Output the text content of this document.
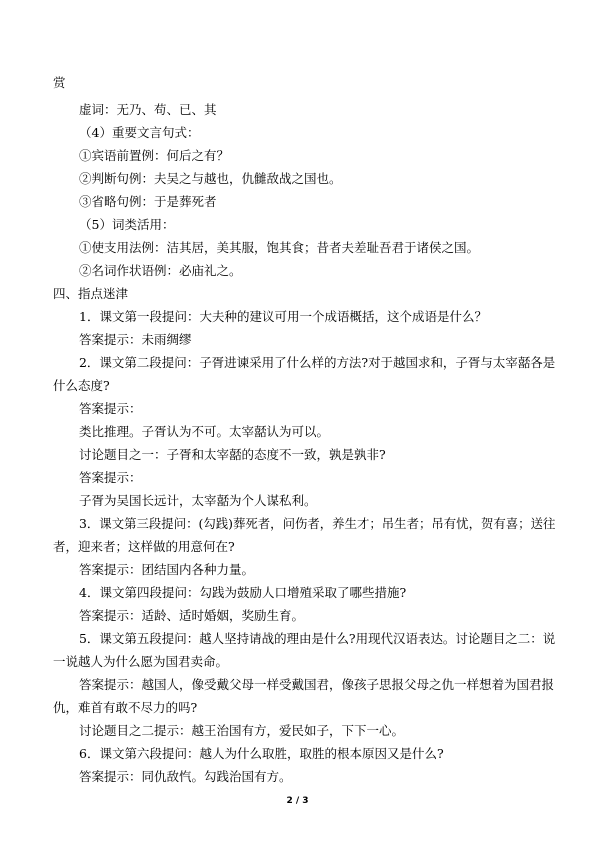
赏
虚词：无乃、苟、已、其
（4）重要文言句式：
①宾语前置例：何后之有？
②判断句例：夫吴之与越也，仇雠敌战之国也。
③省略句例：于是葬死者
（5）词类活用：
①使支用法例：洁其居，美其服，饱其食；昔者夫差耻吾君于诸侯之国。
②名词作状语例：必庙礼之。
四、指点迷津
1．课文第一段提问：大夫种的建议可用一个成语概括，这个成语是什么？
答案提示：未雨绸缪
2．课文第二段提问：子胥进谏采用了什么样的方法?对于越国求和，子胥与太宰嚭各是
什么态度?
答案提示：
类比推理。子胥认为不可。太宰嚭认为可以。
讨论题目之一：子胥和太宰嚭的态度不一致，孰是孰非?
答案提示：
子胥为吴国长远计，太宰嚭为个人谋私利。
3．课文第三段提问：(勾践)葬死者，问伤者，养生才；吊生者；吊有忧，贺有喜；送往
者，迎来者；这样做的用意何在?
答案提示：团结国内各种力量。
4．课文第四段提问：勾践为鼓励人口增殖采取了哪些措施?
答案提示：适龄、适时婚姻，奖励生育。
5．课文第五段提问：越人坚持请战的理由是什么?用现代汉语表达。讨论题目之二：说
一说越人为什么愿为国君卖命。
答案提示：越国人，像受戴父母一样受戴国君，像孩子思报父母之仇一样想着为国君报
仇，难首有敢不尽力的吗?
讨论题目之二提示：越王治国有方，爱民如子，下下一心。
6．课文第六段提问：越人为什么取胜，取胜的根本原因又是什么?
答案提示：同仇敌忾。勾践治国有方。
2 / 3
